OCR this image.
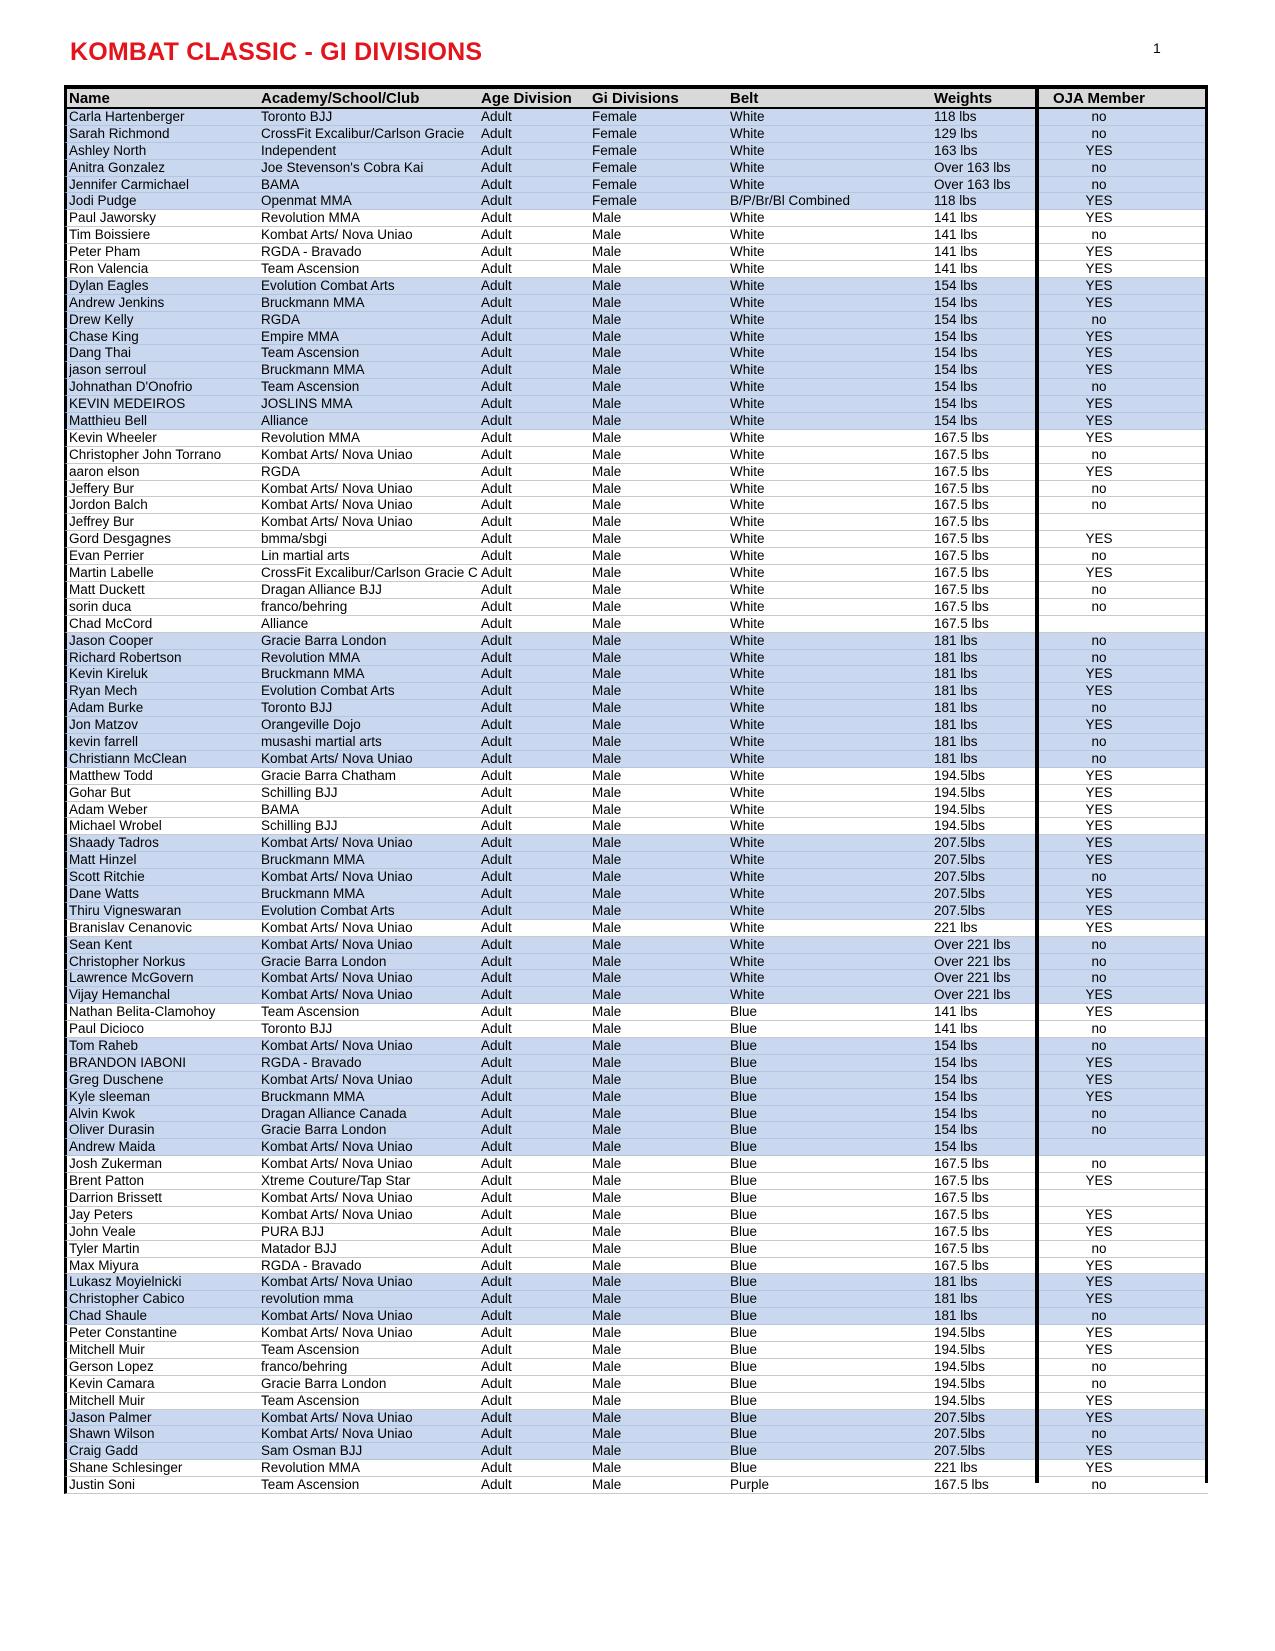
KOMBAT CLASSIC - GI DIVISIONS	1
Name	Academy/School/Club	Age Division	Gi Divisions	Belt	Weights	OJA Member
Carla Hartenberger	Toronto BJJ	Adult	Female	White	118 lbs	no
Sarah Richmond	CrossFit Excalibur/Carlson Gracie	Adult	Female	White	129 lbs	no
Ashley North	Independent	Adult	Female	White	163 lbs	YES
Anitra Gonzalez	Joe Stevenson's Cobra Kai	Adult	Female	White	Over 163 lbs	no
Jennifer Carmichael	BAMA	Adult	Female	White	Over 163 lbs	no
Jodi Pudge	Openmat MMA	Adult	Female	B/P/Br/Bl Combined	118 lbs	YES
Paul Jaworsky	Revolution MMA	Adult	Male	White	141 lbs	YES
Tim Boissiere	Kombat Arts/ Nova Uniao	Adult	Male	White	141 lbs	no
Peter Pham	RGDA - Bravado	Adult	Male	White	141 lbs	YES
Ron Valencia	Team Ascension	Adult	Male	White	141 lbs	YES
Dylan Eagles	Evolution Combat Arts	Adult	Male	White	154 lbs	YES
Andrew Jenkins	Bruckmann MMA	Adult	Male	White	154 lbs	YES
Drew Kelly	RGDA	Adult	Male	White	154 lbs	no
Chase King	Empire MMA	Adult	Male	White	154 lbs	YES
Dang Thai	Team Ascension	Adult	Male	White	154 lbs	YES
jason serroul	Bruckmann MMA	Adult	Male	White	154 lbs	YES
Johnathan D'Onofrio	Team Ascension	Adult	Male	White	154 lbs	no
KEVIN MEDEIROS	JOSLINS MMA	Adult	Male	White	154 lbs	YES
Matthieu Bell	Alliance	Adult	Male	White	154 lbs	YES
Kevin Wheeler	Revolution MMA	Adult	Male	White	167.5 lbs	YES
Christopher John Torrano	Kombat Arts/ Nova Uniao	Adult	Male	White	167.5 lbs	no
aaron elson	RGDA	Adult	Male	White	167.5 lbs	YES
Jeffery Bur	Kombat Arts/ Nova Uniao	Adult	Male	White	167.5 lbs	no
Jordon Balch	Kombat Arts/ Nova Uniao	Adult	Male	White	167.5 lbs	no
Jeffrey Bur	Kombat Arts/ Nova Uniao	Adult	Male	White	167.5 lbs
Gord Desgagnes	bmma/sbgi	Adult	Male	White	167.5 lbs	YES
Evan Perrier	Lin martial arts	Adult	Male	White	167.5 lbs	no
Martin Labelle	CrossFit Excalibur/Carlson Gracie C Adult	Male	White	167.5 lbs	YES
Matt Duckett	Dragan Alliance BJJ	Adult	Male	White	167.5 lbs	no
sorin duca	franco/behring	Adult	Male	White	167.5 lbs	no
Chad McCord	Alliance	Adult	Male	White	167.5 lbs
Jason Cooper	Gracie Barra London	Adult	Male	White	181 lbs	no
Richard Robertson	Revolution MMA	Adult	Male	White	181 lbs	no
Kevin Kireluk	Bruckmann MMA	Adult	Male	White	181 lbs	YES
Ryan Mech	Evolution Combat Arts	Adult	Male	White	181 lbs	YES
Adam Burke	Toronto BJJ	Adult	Male	White	181 lbs	no
Jon Matzov	Orangeville Dojo	Adult	Male	White	181 lbs	YES
kevin farrell	musashi martial arts	Adult	Male	White	181 lbs	no
Christiann McClean	Kombat Arts/ Nova Uniao	Adult	Male	White	181 lbs	no
Matthew Todd	Gracie Barra Chatham	Adult	Male	White	194.5lbs	YES
Gohar But	Schilling BJJ	Adult	Male	White	194.5lbs	YES
Adam Weber	BAMA	Adult	Male	White	194.5lbs	YES
Michael Wrobel	Schilling BJJ	Adult	Male	White	194.5lbs	YES
Shaady Tadros	Kombat Arts/ Nova Uniao	Adult	Male	White	207.5lbs	YES
Matt Hinzel	Bruckmann MMA	Adult	Male	White	207.5lbs	YES
Scott Ritchie	Kombat Arts/ Nova Uniao	Adult	Male	White	207.5lbs	no
Dane Watts	Bruckmann MMA	Adult	Male	White	207.5lbs	YES
Thiru Vigneswaran	Evolution Combat Arts	Adult	Male	White	207.5lbs	YES
Branislav Cenanovic	Kombat Arts/ Nova Uniao	Adult	Male	White	221 lbs	YES
Sean Kent	Kombat Arts/ Nova Uniao	Adult	Male	White	Over 221 lbs	no
Christopher Norkus	Gracie Barra London	Adult	Male	White	Over 221 lbs	no
Lawrence McGovern	Kombat Arts/ Nova Uniao	Adult	Male	White	Over 221 lbs	no
Vijay Hemanchal	Kombat Arts/ Nova Uniao	Adult	Male	White	Over 221 lbs	YES
Nathan Belita-Clamohoy	Team Ascension	Adult	Male	Blue	141 lbs	YES
Paul Dicioco	Toronto BJJ	Adult	Male	Blue	141 lbs	no
Tom Raheb	Kombat Arts/ Nova Uniao	Adult	Male	Blue	154 lbs	no
BRANDON IABONI	RGDA - Bravado	Adult	Male	Blue	154 lbs	YES
Greg Duschene	Kombat Arts/ Nova Uniao	Adult	Male	Blue	154 lbs	YES
Kyle sleeman	Bruckmann MMA	Adult	Male	Blue	154 lbs	YES
Alvin Kwok	Dragan Alliance Canada	Adult	Male	Blue	154 lbs	no
Oliver Durasin	Gracie Barra London	Adult	Male	Blue	154 lbs	no
Andrew Maida	Kombat Arts/ Nova Uniao	Adult	Male	Blue	154 lbs
Josh Zukerman	Kombat Arts/ Nova Uniao	Adult	Male	Blue	167.5 lbs	no
Brent Patton	Xtreme Couture/Tap Star	Adult	Male	Blue	167.5 lbs	YES
Darrion Brissett	Kombat Arts/ Nova Uniao	Adult	Male	Blue	167.5 lbs
Jay Peters	Kombat Arts/ Nova Uniao	Adult	Male	Blue	167.5 lbs	YES
John Veale	PURA BJJ	Adult	Male	Blue	167.5 lbs	YES
Tyler Martin	Matador BJJ	Adult	Male	Blue	167.5 lbs	no
Max Miyura	RGDA - Bravado	Adult	Male	Blue	167.5 lbs	YES
Lukasz Moyielnicki	Kombat Arts/ Nova Uniao	Adult	Male	Blue	181 lbs	YES
Christopher Cabico	revolution mma	Adult	Male	Blue	181 lbs	YES
Chad Shaule	Kombat Arts/ Nova Uniao	Adult	Male	Blue	181 lbs	no
Peter Constantine	Kombat Arts/ Nova Uniao	Adult	Male	Blue	194.5lbs	YES
Mitchell Muir	Team Ascension	Adult	Male	Blue	194.5lbs	YES
Gerson Lopez	franco/behring	Adult	Male	Blue	194.5lbs	no
Kevin Camara	Gracie Barra London	Adult	Male	Blue	194.5lbs	no
Mitchell Muir	Team Ascension	Adult	Male	Blue	194.5lbs	YES
Jason Palmer	Kombat Arts/ Nova Uniao	Adult	Male	Blue	207.5lbs	YES
Shawn Wilson	Kombat Arts/ Nova Uniao	Adult	Male	Blue	207.5lbs	no
Craig Gadd	Sam Osman BJJ	Adult	Male	Blue	207.5lbs	YES
Shane Schlesinger	Revolution MMA	Adult	Male	Blue	221 lbs	YES
Justin Soni	Team Ascension	Adult	Male	Purple	167.5 lbs	no
